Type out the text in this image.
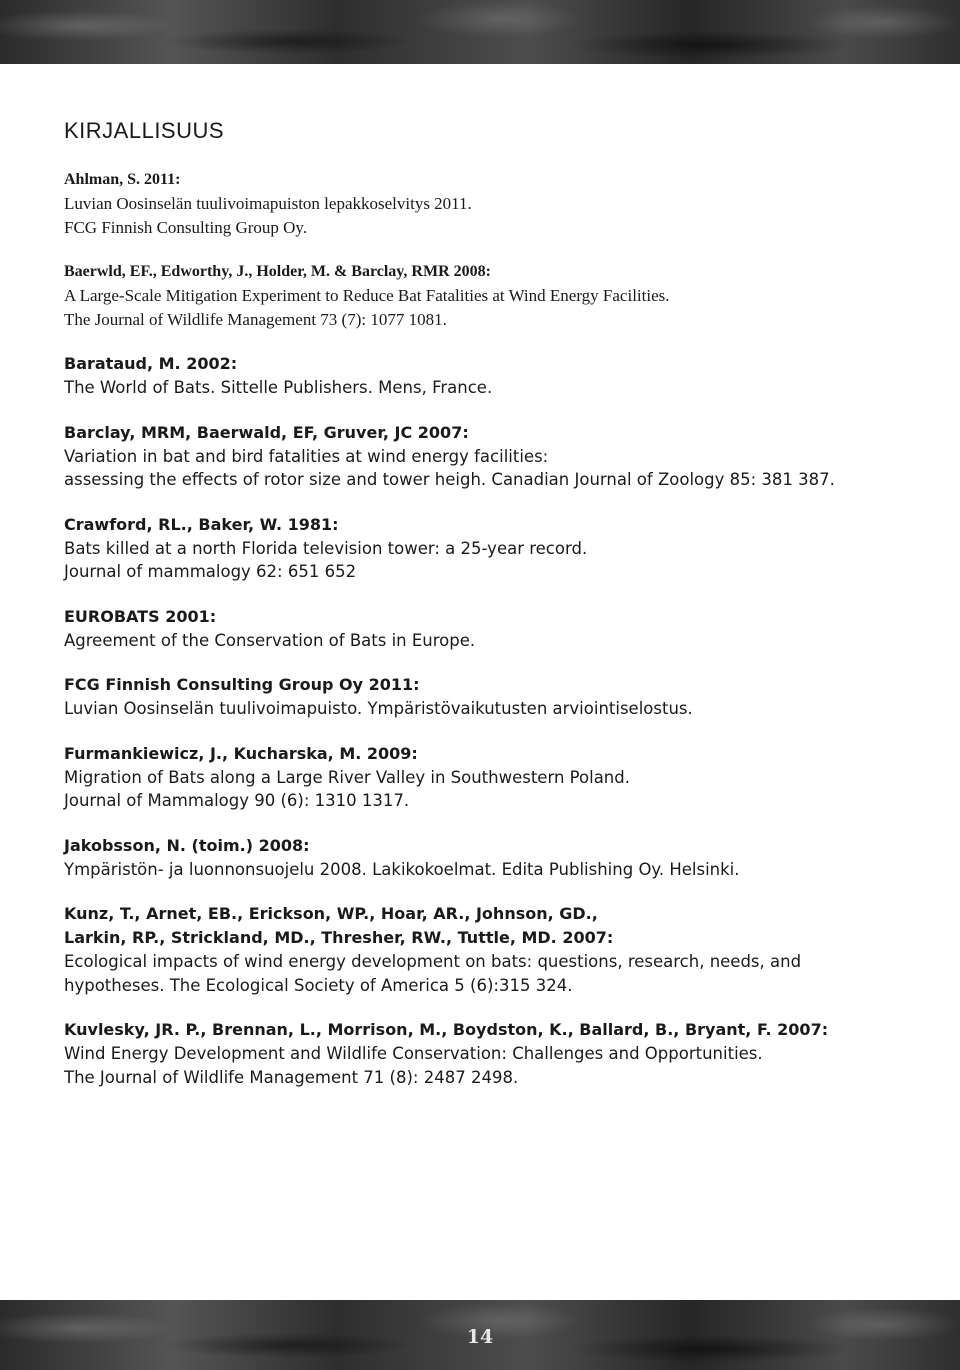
KIRJALLISUUS
Ahlman, S. 2011:
Luvian Oosinselän tuulivoimapuiston lepakkoselvitys 2011.
FCG Finnish Consulting Group Oy.
Baerwld, EF., Edworthy, J., Holder, M. & Barclay, RMR 2008:
A Large-Scale Mitigation Experiment to Reduce Bat Fatalities at Wind Energy Facilities.
The Journal of Wildlife Management 73 (7): 1077 1081.
Barataud, M. 2002:
The World of Bats. Sittelle Publishers. Mens, France.
Barclay, MRM, Baerwald, EF, Gruver, JC 2007:
Variation in bat and bird fatalities at wind energy facilities:
assessing the effects of rotor size and tower heigh. Canadian Journal of Zoology 85: 381 387.
Crawford, RL., Baker, W. 1981:
Bats killed at a north Florida television tower: a 25-year record.
Journal of mammalogy 62: 651 652
EUROBATS 2001:
Agreement of the Conservation of Bats in Europe.
FCG Finnish Consulting Group Oy 2011:
Luvian Oosinselän tuulivoimapuisto. Ympäristövaikutusten arviointiselostus.
Furmankiewicz, J., Kucharska, M. 2009:
Migration of Bats along a Large River Valley in Southwestern Poland.
Journal of Mammalogy 90 (6): 1310 1317.
Jakobsson, N. (toim.) 2008:
Ympäristön- ja luonnonsuojelu 2008. Lakikokoelmat. Edita Publishing Oy. Helsinki.
Kunz, T., Arnet, EB., Erickson, WP., Hoar, AR., Johnson, GD.,
Larkin, RP., Strickland, MD., Thresher, RW., Tuttle, MD. 2007:
Ecological impacts of wind energy development on bats: questions, research, needs, and
hypotheses. The Ecological Society of America 5 (6):315 324.
Kuvlesky, JR. P., Brennan, L., Morrison, M., Boydston, K., Ballard, B., Bryant, F. 2007:
Wind Energy Development and Wildlife Conservation: Challenges and Opportunities.
The Journal of Wildlife Management 71 (8): 2487 2498.
14
